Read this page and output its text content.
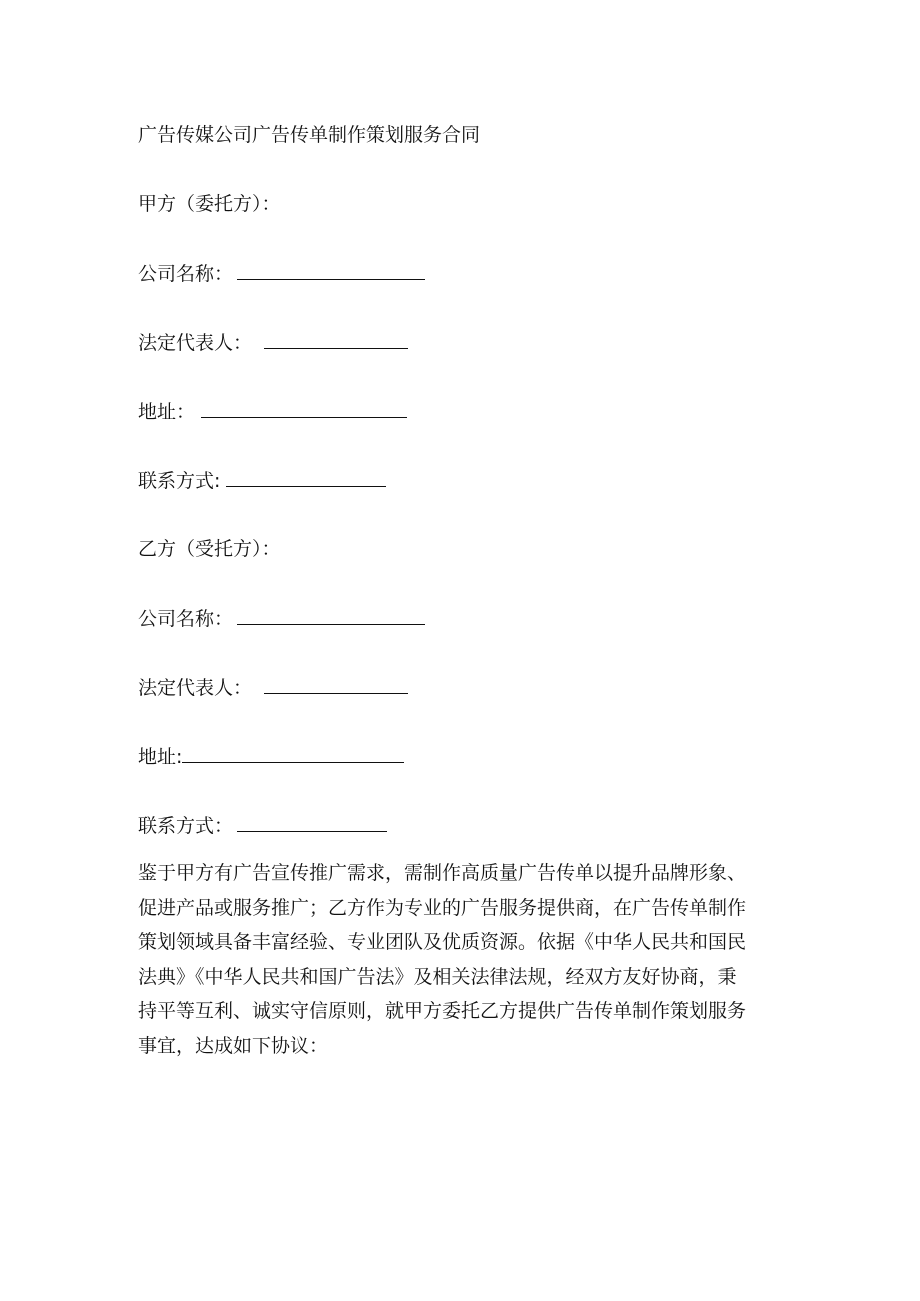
广告传媒公司广告传单制作策划服务合同
甲方（委托方）：
公司名称：
法定代表人：
地址：
联系方式:
乙方（受托方）：
公司名称：
法定代表人：
地址:
联系方式：
鉴于甲方有广告宣传推广需求，需制作高质量广告传单以提升品牌形象、
促进产品或服务推广；乙方作为专业的广告服务提供商，在广告传单制作
策划领域具备丰富经验、专业团队及优质资源。依据《中华人民共和国民
法典》《中华人民共和国广告法》及相关法律法规，经双方友好协商，秉
持平等互利、诚实守信原则，就甲方委托乙方提供广告传单制作策划服务
事宜，达成如下协议：
